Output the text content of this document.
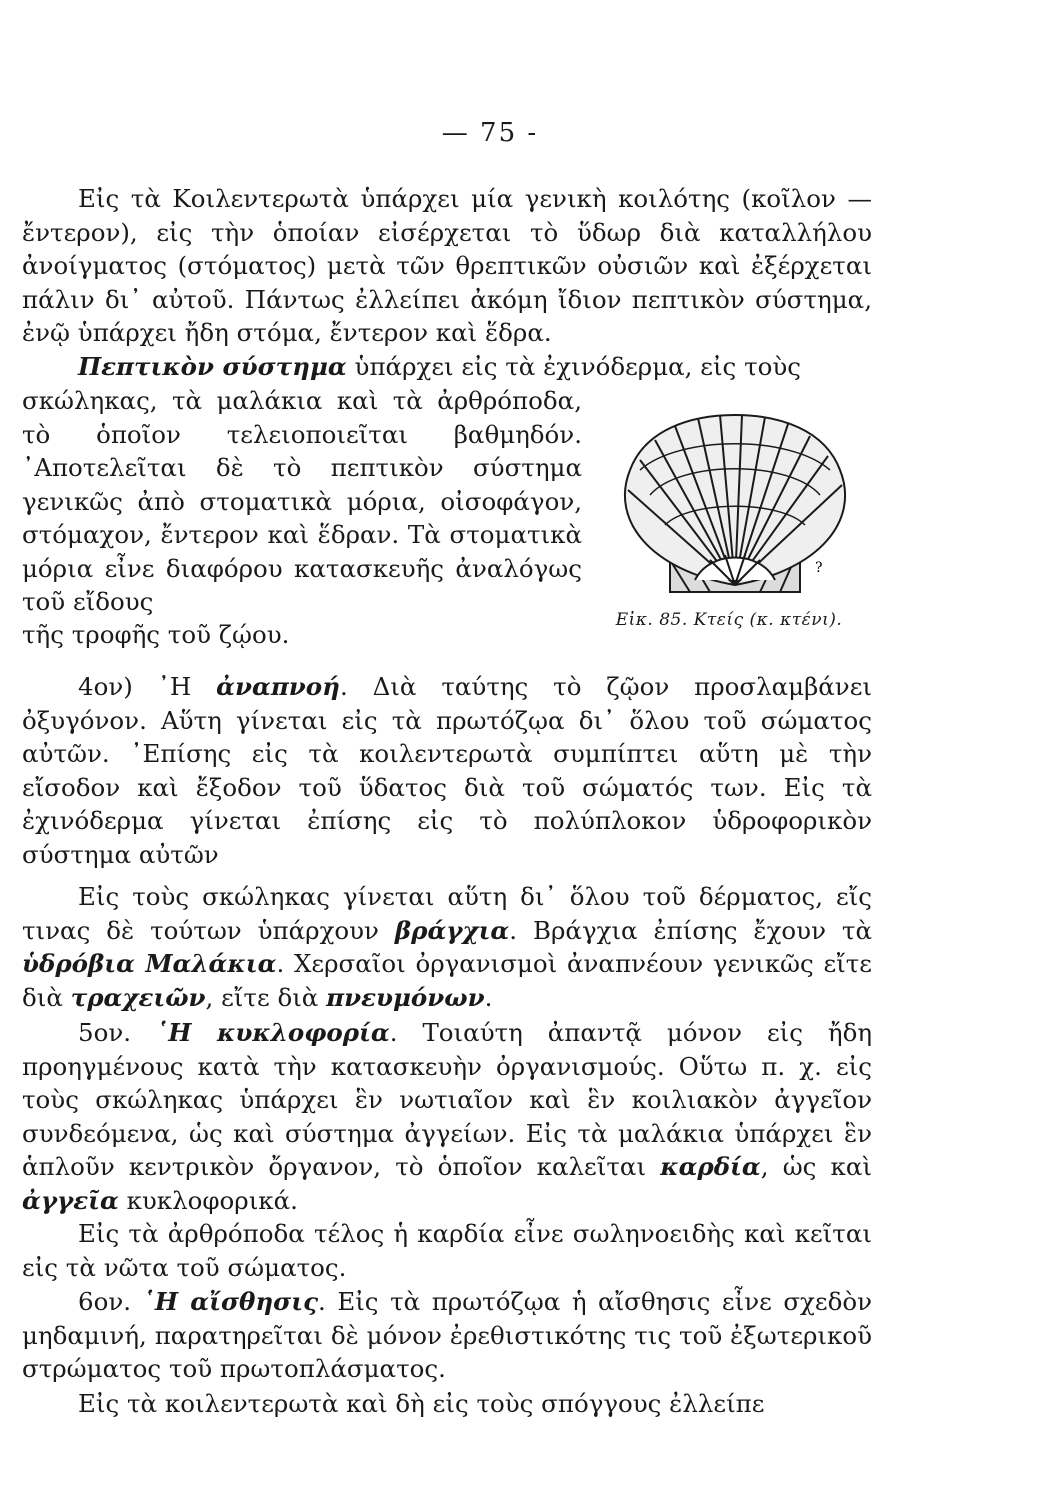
— 75 -

Εἰς τὰ Κοιλεντερωτὰ ὑπάρχει μία γενικὴ κοιλότης (κοῖλον —ἔντερον), εἰς τὴν ὁποίαν εἰσέρχεται τὸ ὕδωρ διὰ καταλλήλου ἀνοίγματος (στόματος) μετὰ τῶν θρεπτικῶν οὐσιῶν καὶ ἐξέρχεται πάλιν δι᾽ αὐτοῦ. Πάντως ἐλλείπει ἀκόμη ἴδιον πεπτικὸν σύστημα, ἐνῷ ὑπάρχει ἤδη στόμα, ἔντερον καὶ ἕδρα.

Πεπτικὸν σύστημα ὑπάρχει εἰς τὰ ἐχινόδερμα, εἰς τοὺς

σκώληκας, τὰ μαλάκια καὶ τὰ ἀρθρόποδα, τὸ ὁποῖον τελειοποιεῖται βαθμηδόν. ᾽Αποτελεῖται δὲ τὸ πεπτικὸν σύστημα γενικῶς ἀπὸ στοματικὰ μόρια, οἰσοφάγον, στόμαχον, ἔντερον καὶ ἕδραν. Τὰ στοματικὰ μόρια εἶνε διαφόρου κατασκευῆς ἀναλόγως τοῦ εἴδους

τῆς τροφῆς τοῦ ζῴου.

?
Εἰκ. 85. Κτείς (κ. κτένι).

4ον) ᾽Η ἀναπνοή. Διὰ ταύτης τὸ ζῷον προσλαμβάνει ὀξυγόνον. Αὕτη γίνεται εἰς τὰ πρωτόζῳα δι᾽ ὅλου τοῦ σώματος αὐτῶν. ᾽Επίσης εἰς τὰ κοιλεντερωτὰ συμπίπτει αὕτη μὲ τὴν εἴσοδον καὶ ἔξοδον τοῦ ὕδατος διὰ τοῦ σώματός των. Εἰς τὰ ἐχινόδερμα γίνεται ἐπίσης εἰς τὸ πολύπλοκον ὑδροφορικὸν σύστημα αὐτῶν

Εἰς τοὺς σκώληκας γίνεται αὕτη δι᾽ ὅλου τοῦ δέρματος, εἴς τινας δὲ τούτων ὑπάρχουν βράγχια. Βράγχια ἐπίσης ἔχουν τὰ ὑδρόβια Μαλάκια. Χερσαῖοι ὀργανισμοὶ ἀναπνέουν γενικῶς εἴτε διὰ τραχειῶν, εἴτε διὰ πνευμόνων.

5ον. ῾Η κυκλοφορία. Τοιαύτη ἀπαντᾷ μόνον εἰς ἤδη προηγμένους κατὰ τὴν κατασκευὴν ὀργανισμούς. Οὕτω π. χ. εἰς τοὺς σκώληκας ὑπάρχει ἓν νωτιαῖον καὶ ἓν κοιλιακὸν ἀγγεῖον συνδεόμενα, ὡς καὶ σύστημα ἀγγείων. Εἰς τὰ μαλάκια ὑπάρχει ἓν ἁπλοῦν κεντρικὸν ὄργανον, τὸ ὁποῖον καλεῖται καρδία, ὡς καὶ ἀγγεῖα κυκλοφορικά.

Εἰς τὰ ἀρθρόποδα τέλος ἡ καρδία εἶνε σωληνοειδὴς καὶ κεῖται εἰς τὰ νῶτα τοῦ σώματος.

6ον. ῾Η αἴσθησις. Εἰς τὰ πρωτόζῳα ἡ αἴσθησις εἶνε σχεδὸν μηδαμινή, παρατηρεῖται δὲ μόνον ἐρεθιστικότης τις τοῦ ἐξωτερικοῦ στρώματος τοῦ πρωτοπλάσματος.

Εἰς τὰ κοιλεντερωτὰ καὶ δὴ εἰς τοὺς σπόγγους ἐλλείπε
